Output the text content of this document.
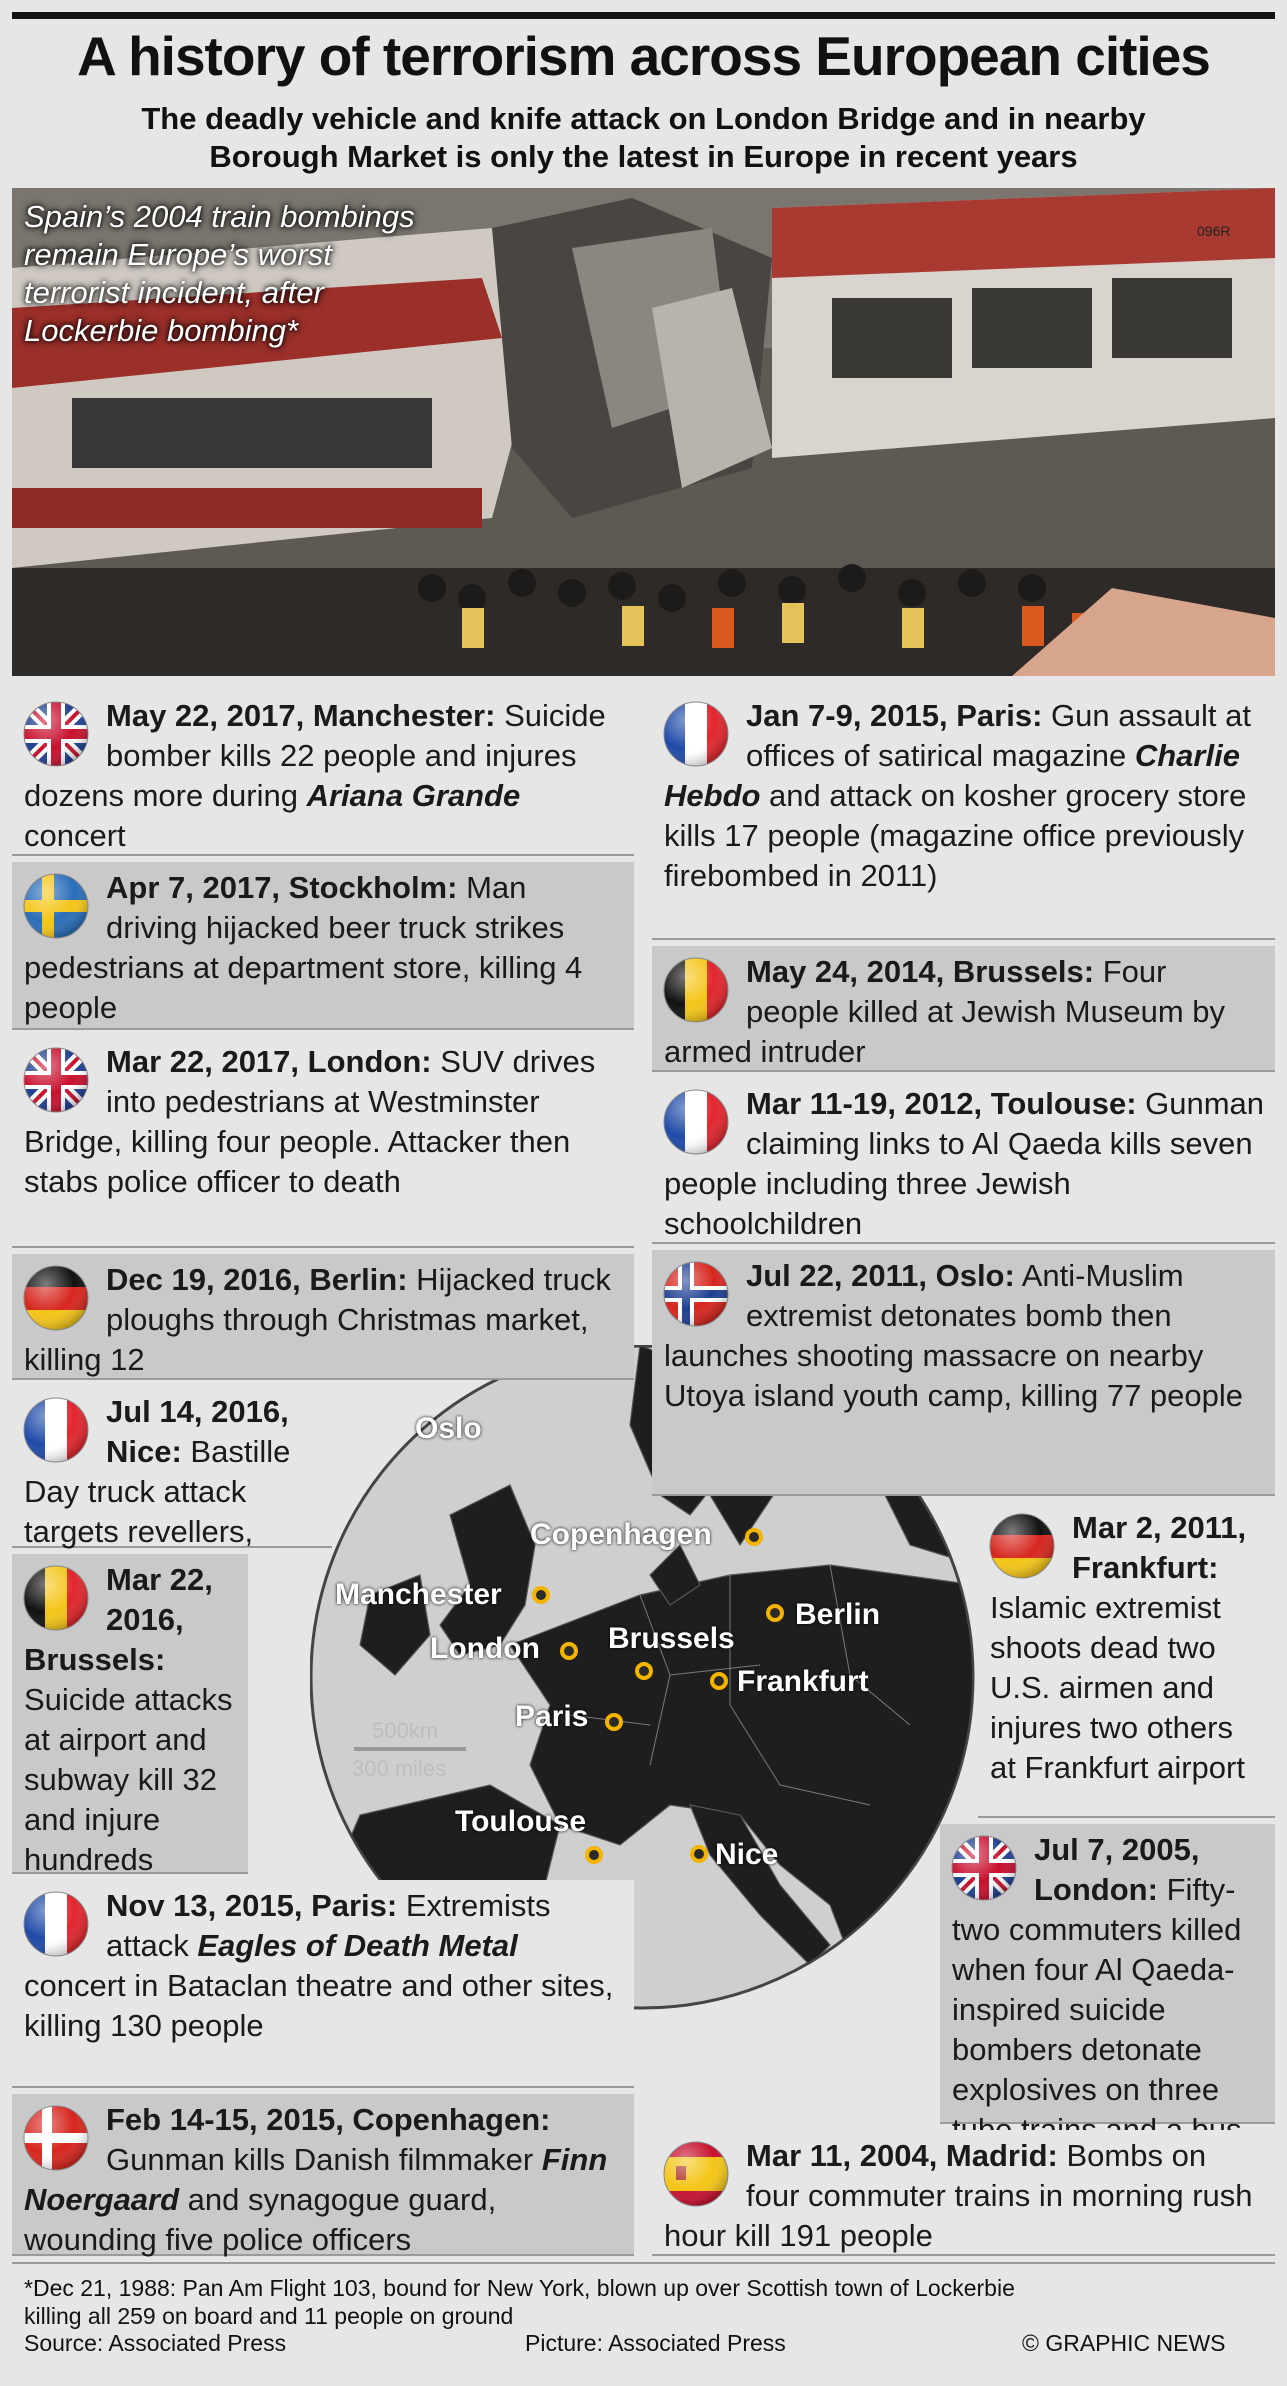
A history of terrorism across European cities
The deadly vehicle and knife attack on London Bridge and in nearby
Borough Market is only the latest in Europe in recent years
096R
Spain’s 2004 train bombings
remain Europe’s worst
terrorist incident, after
Lockerbie bombing*
Oslo
Copenhagen
Manchester
London Brussels
Berlin
Frankfurt
Paris
Toulouse
Nice
500km
300 miles
May 22, 2017, Manchester: Suicide bomber kills 22 people and injures dozens more during Ariana Grande concert
Apr 7, 2017, Stockholm: Man driving hijacked beer truck strikes pedestrians at department store, killing 4 people
Mar 22, 2017, London: SUV drives into pedestrians at Westminster Bridge, killing four people. Attacker then stabs police officer to death
Dec 19, 2016, Berlin: Hijacked truck ploughs through Christmas market, killing 12
Jul 14, 2016, Nice: Bastille Day truck attack targets revellers,
Mar 22, 2016, Brussels: Suicide attacks at airport and subway kill 32 and injure hundreds
Nov 13, 2015, Paris: Extremists attack Eagles of Death Metal concert in Bataclan theatre and other sites, killing 130 people
Feb 14-15, 2015, Copenhagen: Gunman kills Danish filmmaker Finn Noergaard and synagogue guard, wounding five police officers
Jan 7-9, 2015, Paris: Gun assault at offices of satirical magazine Charlie Hebdo and attack on kosher grocery store kills 17 people (magazine office previously firebombed in 2011)
May 24, 2014, Brussels: Four people killed at Jewish Museum by armed intruder
Mar 11-19, 2012, Toulouse: Gunman claiming links to Al Qaeda kills seven people including three Jewish schoolchildren
Jul 22, 2011, Oslo: Anti-Muslim extremist detonates bomb then launches shooting massacre on nearby Utoya island youth camp, killing 77 people
Mar 2, 2011, Frankfurt: Islamic extremist shoots dead two U.S. airmen and injures two others at Frankfurt airport
Jul 7, 2005, London: Fifty-two commuters killed when four Al Qaeda-inspired suicide bombers detonate explosives on three
Mar 11, 2004, Madrid: Bombs on four commuter trains in morning rush hour kill 191 people
*Dec 21, 1988: Pan Am Flight 103, bound for New York, blown up over Scottish town of Lockerbie
killing all 259 on board and 11 people on ground
Source: Associated Press	Picture: Associated Press	© GRAPHIC NEWS
